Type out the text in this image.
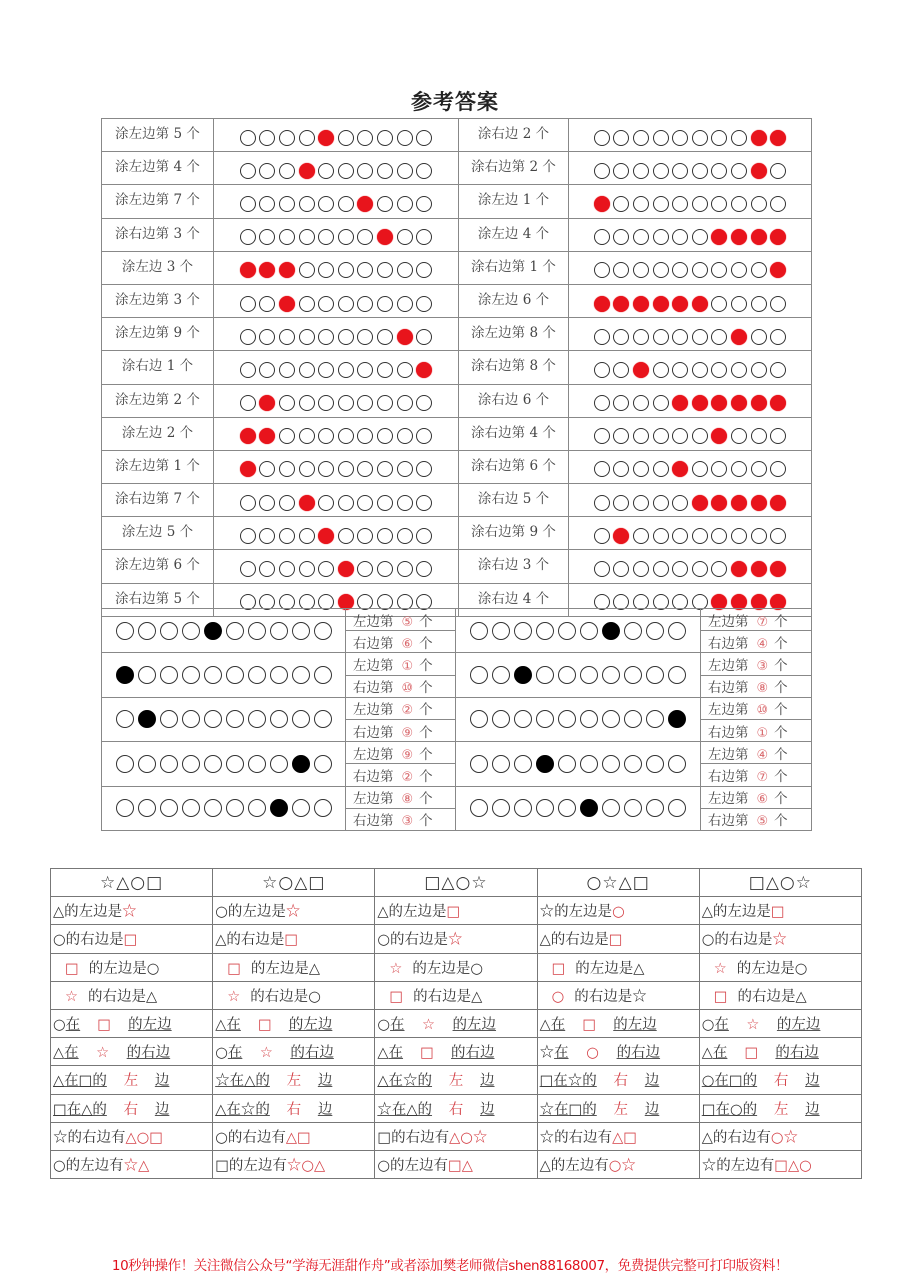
参考答案
涂左边第 5 个		涂右边 2 个	

涂左边第 4 个		涂右边第 2 个	

涂左边第 7 个		涂左边 1 个	

涂右边第 3 个		涂左边 4 个	

涂左边 3 个		涂右边第 1 个	

涂左边第 3 个		涂左边 6 个	

涂左边第 9 个		涂左边第 8 个	

涂右边 1 个		涂右边第 8 个	

涂左边第 2 个		涂右边 6 个	

涂左边 2 个		涂右边第 4 个	

涂左边第 1 个		涂右边第 6 个	

涂右边第 7 个		涂右边 5 个	

涂左边 5 个		涂右边第 9 个	

涂左边第 6 个		涂右边 3 个	

涂右边第 5 个		涂右边 4 个	
	左边第 ⑤ 个		左边第 ⑦ 个
	右边第 ⑥ 个		右边第 ④ 个

	左边第 ① 个		左边第 ③ 个
	右边第 ⑩ 个		右边第 ⑧ 个

	左边第 ② 个		左边第 ⑩ 个
	右边第 ⑨ 个		右边第 ① 个

	左边第 ⑨ 个		左边第 ④ 个
	右边第 ② 个		右边第 ⑦ 个

	左边第 ⑧ 个		左边第 ⑥ 个
	右边第 ③ 个		右边第 ⑤ 个
☆△○□	☆○△□	□△○☆	○☆△□	□△○☆
△的左边是☆	○的左边是☆	△的左边是□	☆的左边是○	△的左边是□
○的右边是□	△的右边是□	○的右边是☆	△的右边是□	○的右边是☆
□ 的左边是○	□ 的左边是△	☆ 的左边是○	□ 的左边是△	☆ 的左边是○
☆ 的右边是△	☆ 的右边是○	□ 的右边是△	○ 的右边是☆	□ 的右边是△
○在 □ 的左边	△在 □ 的左边	○在 ☆ 的左边	△在 □ 的左边	○在 ☆ 的左边
△在 ☆ 的右边	○在 ☆ 的右边	△在 □ 的右边	☆在 ○ 的右边	△在 □ 的右边
△在□的 左 边	☆在△的 左 边	△在☆的 左 边	□在☆的 右 边	○在□的 右 边
□在△的 右 边	△在☆的 右 边	☆在△的 右 边	☆在□的 左 边	□在○的 左 边
☆的右边有△○□	○的右边有△□	□的右边有△○☆	☆的右边有△□	△的右边有○☆
○的左边有☆△	□的左边有☆○△	○的左边有□△	△的左边有○☆	☆的左边有□△○
10秒钟操作！关注微信公众号“学海无涯甜作舟”或者添加樊老师微信shen88168007，免费提供完整可打印版资料！
